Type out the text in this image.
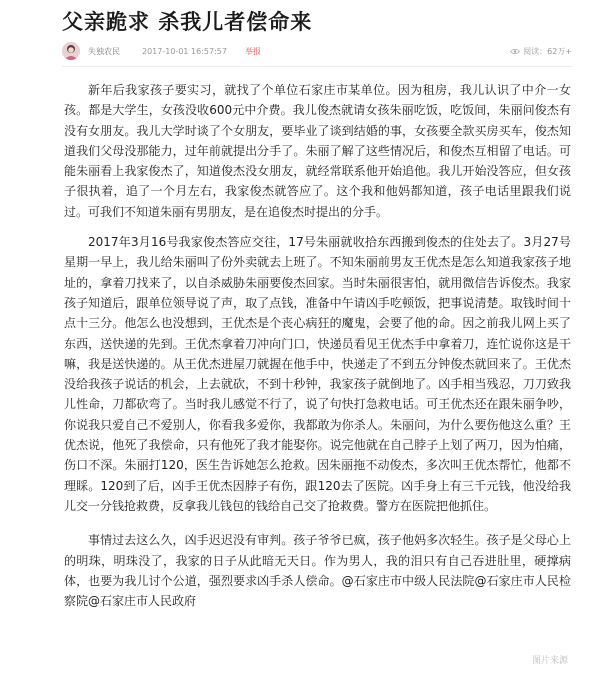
父亲跪求 杀我儿者偿命来
失独农民	2017-10-01 16:57:57 举报	阅读：62万+

新年后我家孩子要实习，就找了个单位石家庄市某单位。因为租房，我儿认识了中介一女孩。都是大学生，女孩没收600元中介费。我儿俊杰就请女孩朱丽吃饭，吃饭间，朱丽问俊杰有没有女朋友。我儿大学时谈了个女朋友，要毕业了谈到结婚的事，女孩要全款买房买车，俊杰知道我们父母没那能力，过年前就提出分手了。朱丽了解了这些情况后，和俊杰互相留了电话。可能朱丽看上我家俊杰了，知道俊杰没女朋友，就经常联系他开始追他。我儿开始没答应，但女孩子很执着，追了一个月左右，我家俊杰就答应了。这个我和他妈都知道，孩子电话里跟我们说过。可我们不知道朱丽有男朋友，是在追俊杰时提出的分手。

2017年3月16号我家俊杰答应交往，17号朱丽就收拾东西搬到俊杰的住处去了。3月27号星期一早上，我儿给朱丽叫了份外卖就去上班了。不知朱丽前男友王优杰是怎么知道我家孩子地址的，拿着刀找来了，以自杀威胁朱丽要俊杰回家。当时朱丽很害怕，就用微信告诉俊杰。我家孩子知道后，跟单位领导说了声，取了点钱，准备中午请凶手吃顿饭，把事说清楚。取钱时间十点十三分。他怎么也没想到，王优杰是个丧心病狂的魔鬼，会要了他的命。因之前我儿网上买了东西，送快递的先到。王优杰拿着刀冲向门口，快递员看见王优杰手中拿着刀，连忙说你这是干嘛，我是送快递的。从王优杰进屋刀就握在他手中，快递走了不到五分钟俊杰就回来了。王优杰没给我孩子说话的机会，上去就砍，不到十秒钟，我家孩子就倒地了。凶手相当残忍，刀刀致我儿性命，刀都砍弯了。当时我儿感觉不行了，说了句快打急救电话。可王优杰还在跟朱丽争吵，你说我只爱自己不爱别人，你看我多爱你，我都敢为你杀人。朱丽问，为什么要伤他这么重？王优杰说，他死了我偿命，只有他死了我才能娶你。说完他就在自己脖子上划了两刀，因为怕痛，伤口不深。朱丽打120，医生告诉她怎么抢救。因朱丽拖不动俊杰，多次叫王优杰帮忙，他都不理睬。120到了后，凶手王优杰因脖子有伤，跟120去了医院。凶手身上有三千元钱，他没给我儿交一分钱抢救费，反拿我儿钱包的钱给自己交了抢救费。警方在医院把他抓住。

事情过去这么久，凶手迟迟没有审判。孩子爷爷已疯，孩子他妈多次轻生。孩子是父母心上的明珠，明珠没了，我家的日子从此暗无天日。作为男人，我的泪只有自己吞进肚里，硬撑病体，也要为我儿讨个公道，强烈要求凶手杀人偿命。@石家庄市中级人民法院@石家庄市人民检察院@石家庄市人民政府

图片来源
